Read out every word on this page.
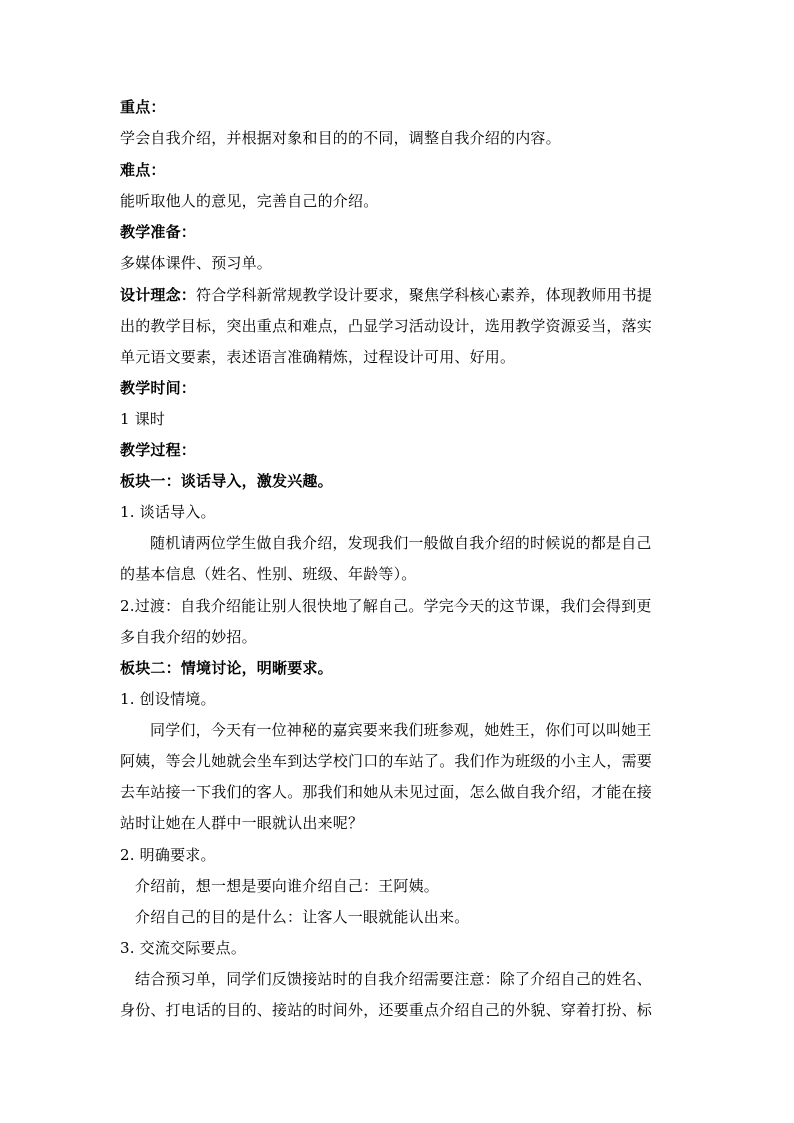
重点：
学会自我介绍，并根据对象和目的的不同，调整自我介绍的内容。
难点：
能听取他人的意见，完善自己的介绍。
教学准备：
多媒体课件、预习单。
设计理念：符合学科新常规教学设计要求，聚焦学科核心素养，体现教师用书提
出的教学目标，突出重点和难点，凸显学习活动设计，选用教学资源妥当，落实
单元语文要素，表述语言准确精炼，过程设计可用、好用。
教学时间：
1 课时
教学过程：
板块一：谈话导入，激发兴趣。
1. 谈话导入。
随机请两位学生做自我介绍，发现我们一般做自我介绍的时候说的都是自己
的基本信息（姓名、性别、班级、年龄等）。
2.过渡：自我介绍能让别人很快地了解自己。学完今天的这节课，我们会得到更
多自我介绍的妙招。
板块二：情境讨论，明晰要求。
1. 创设情境。
同学们，今天有一位神秘的嘉宾要来我们班参观，她姓王，你们可以叫她王
阿姨，等会儿她就会坐车到达学校门口的车站了。我们作为班级的小主人，需要
去车站接一下我们的客人。那我们和她从未见过面，怎么做自我介绍，才能在接
站时让她在人群中一眼就认出来呢？
2. 明确要求。
介绍前，想一想是要向谁介绍自己：王阿姨。
介绍自己的目的是什么：让客人一眼就能认出来。
3. 交流交际要点。
结合预习单，同学们反馈接站时的自我介绍需要注意：除了介绍自己的姓名、
身份、打电话的目的、接站的时间外，还要重点介绍自己的外貌、穿着打扮、标
